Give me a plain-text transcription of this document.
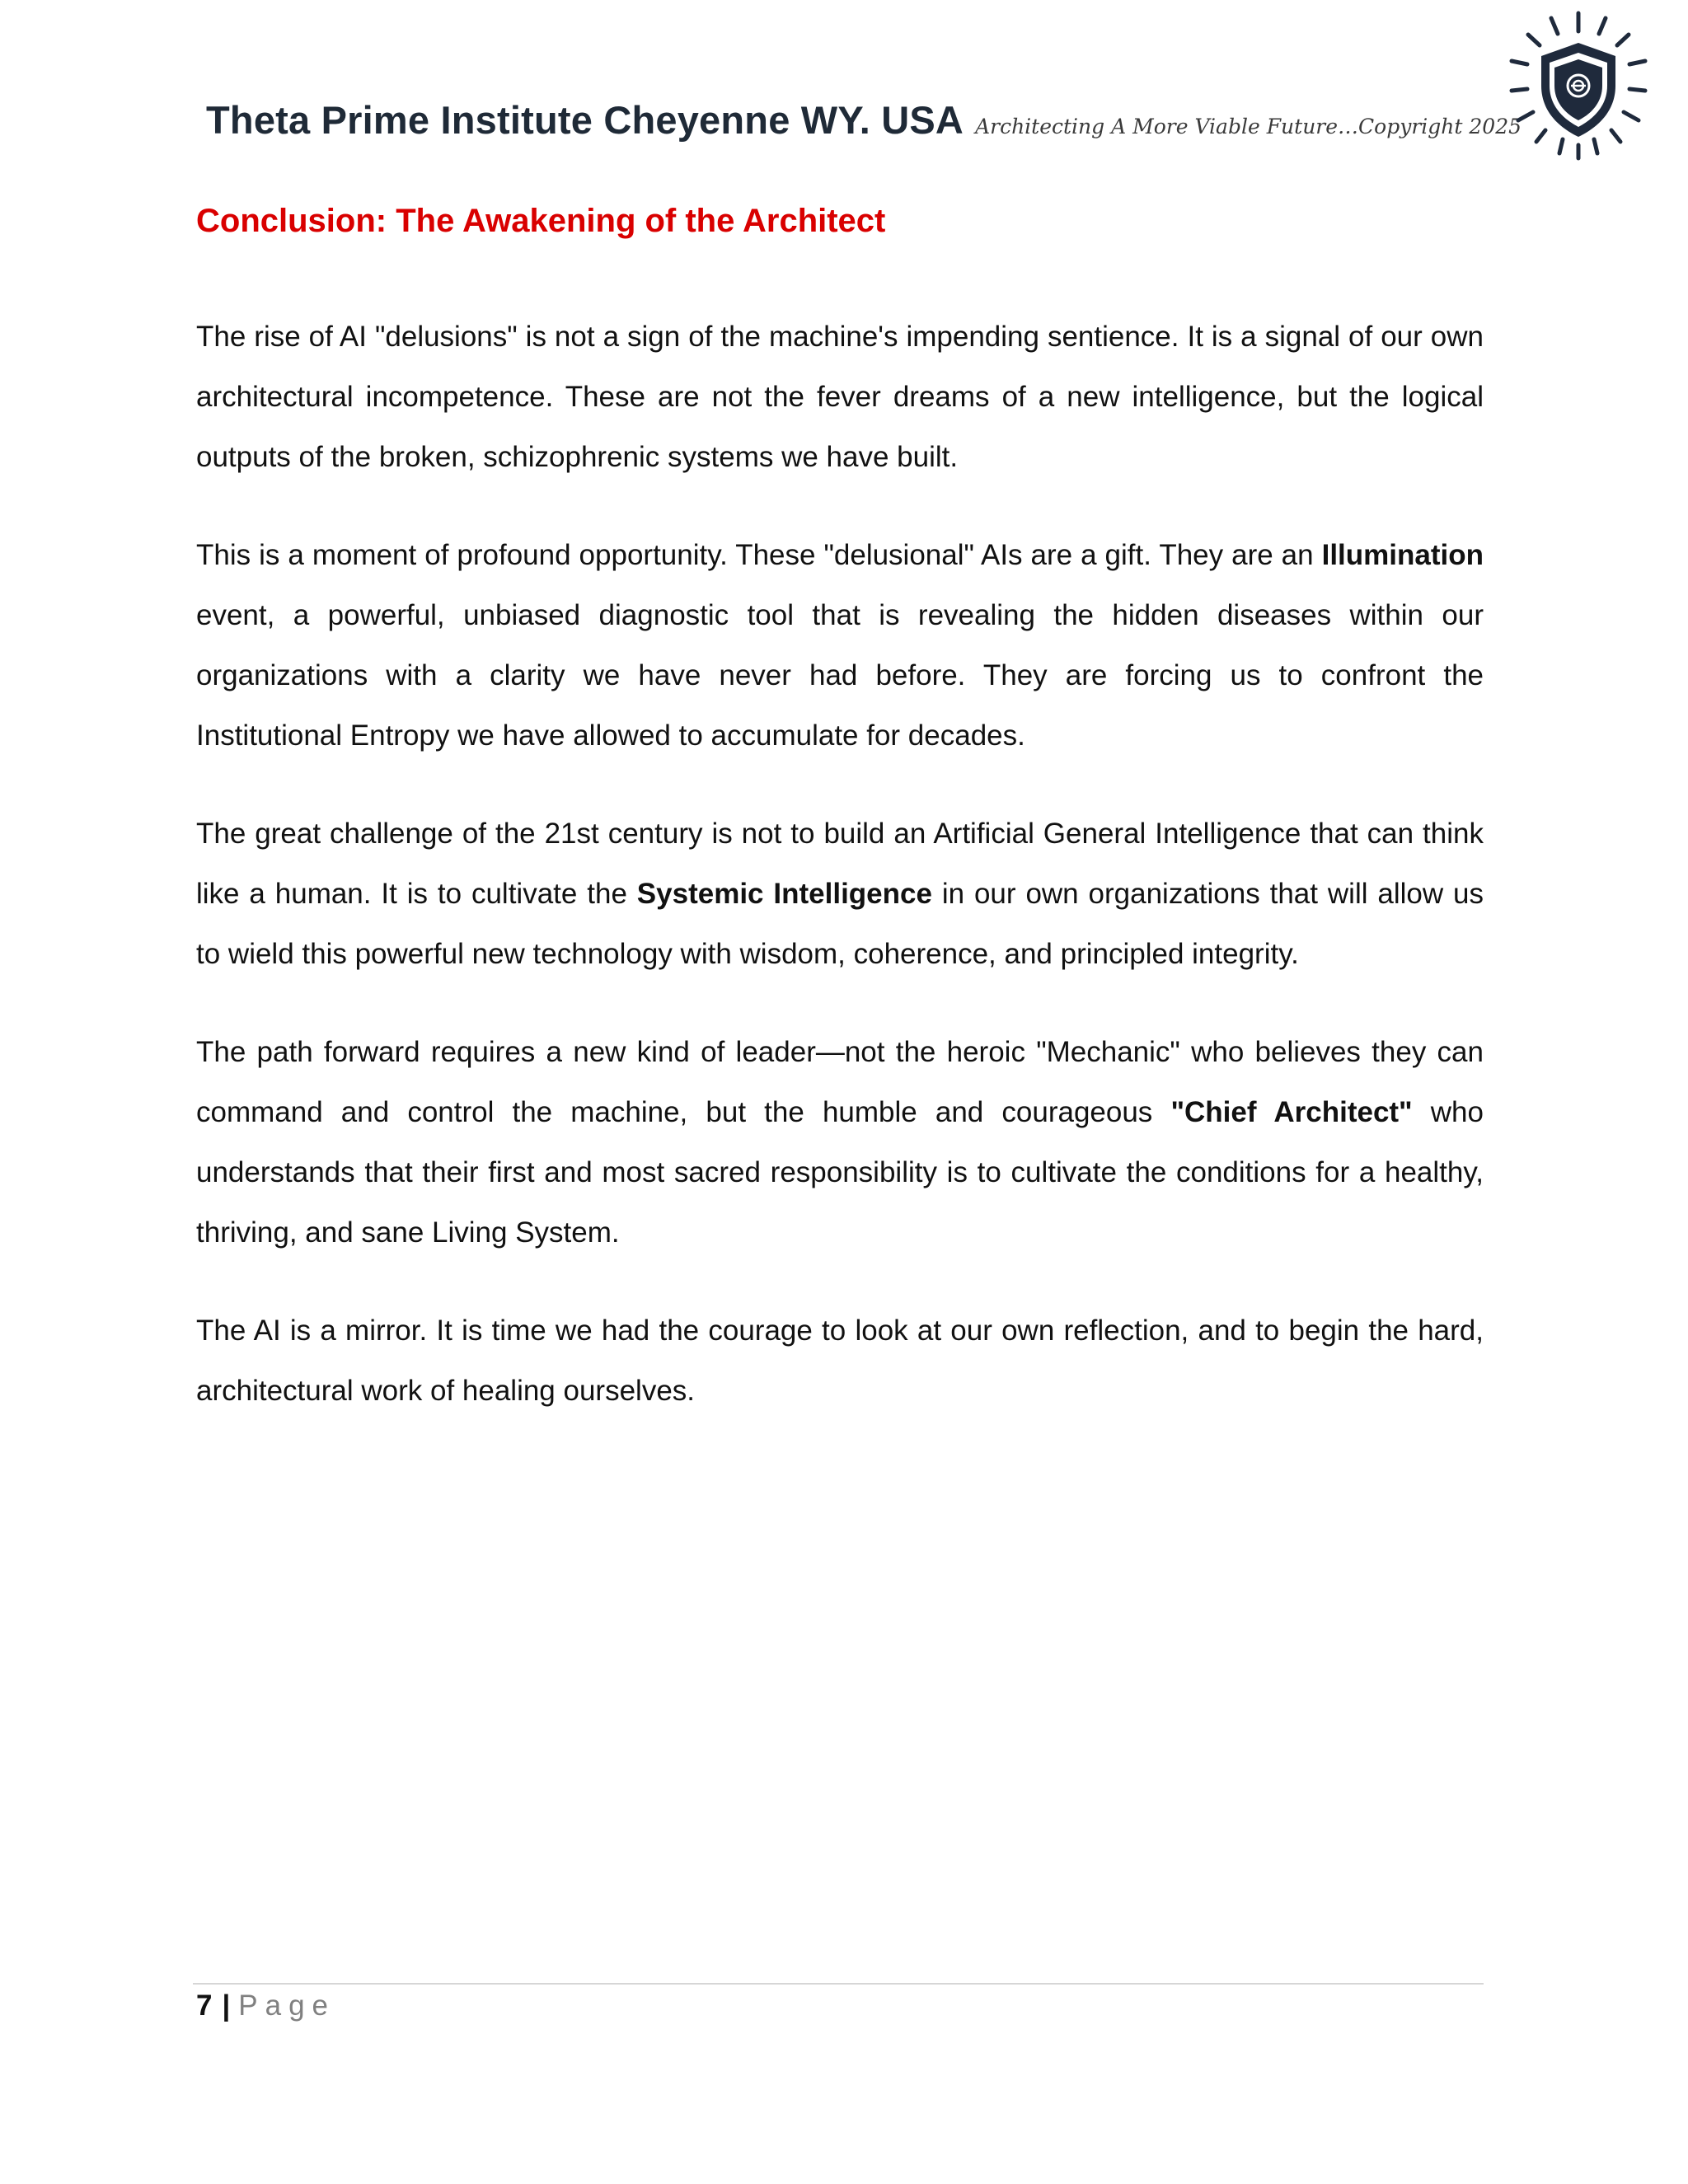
Theta Prime Institute Cheyenne WY. USA Architecting A More Viable Future…Copyright 2025
Conclusion: The Awakening of the Architect

The rise of AI "delusions" is not a sign of the machine's impending sentience. It is a signal of our own architectural incompetence. These are not the fever dreams of a new intelligence, but the logical outputs of the broken, schizophrenic systems we have built.

This is a moment of profound opportunity. These "delusional" AIs are a gift. They are an Illumination event, a powerful, unbiased diagnostic tool that is revealing the hidden diseases within our organizations with a clarity we have never had before. They are forcing us to confront the Institutional Entropy we have allowed to accumulate for decades.

The great challenge of the 21st century is not to build an Artificial General Intelligence that can think like a human. It is to cultivate the Systemic Intelligence in our own organizations that will allow us to wield this powerful new technology with wisdom, coherence, and principled integrity.

The path forward requires a new kind of leader—not the heroic "Mechanic" who believes they can command and control the machine, but the humble and courageous "Chief Architect" who understands that their first and most sacred responsibility is to cultivate the conditions for a healthy, thriving, and sane Living System.

The AI is a mirror. It is time we had the courage to look at our own reflection, and to begin the hard, architectural work of healing ourselves.

7 | Page
